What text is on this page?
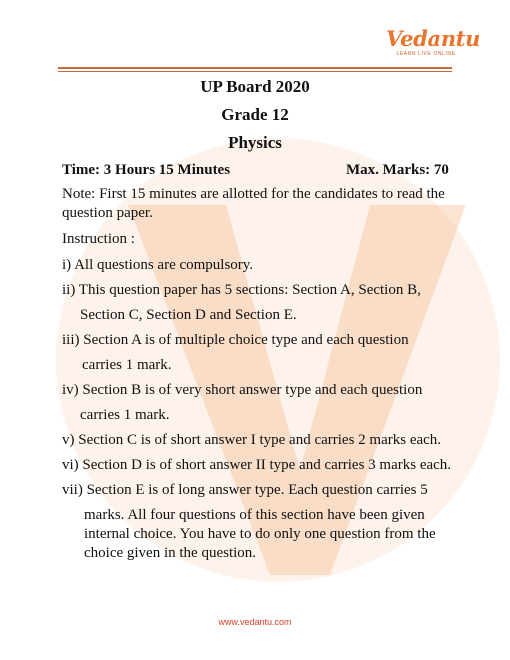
Vedantu
LEARN LIVE ONLINE
UP Board 2020
Grade 12
Physics
Time: 3 Hours 15 Minutes	Max. Marks: 70
Note: First 15 minutes are allotted for the candidates to read the
question paper.
Instruction :
i) All questions are compulsory.
ii) This question paper has 5 sections: Section A, Section B,
Section C, Section D and Section E.
iii) Section A is of multiple choice type and each question
carries 1 mark.
iv) Section B is of very short answer type and each question
carries 1 mark.
v) Section C is of short answer I type and carries 2 marks each.
vi) Section D is of short answer II type and carries 3 marks each.
vii) Section E is of long answer type. Each question carries 5
marks. All four questions of this section have been given
internal choice. You have to do only one question from the
choice given in the question.
www.vedantu.com
